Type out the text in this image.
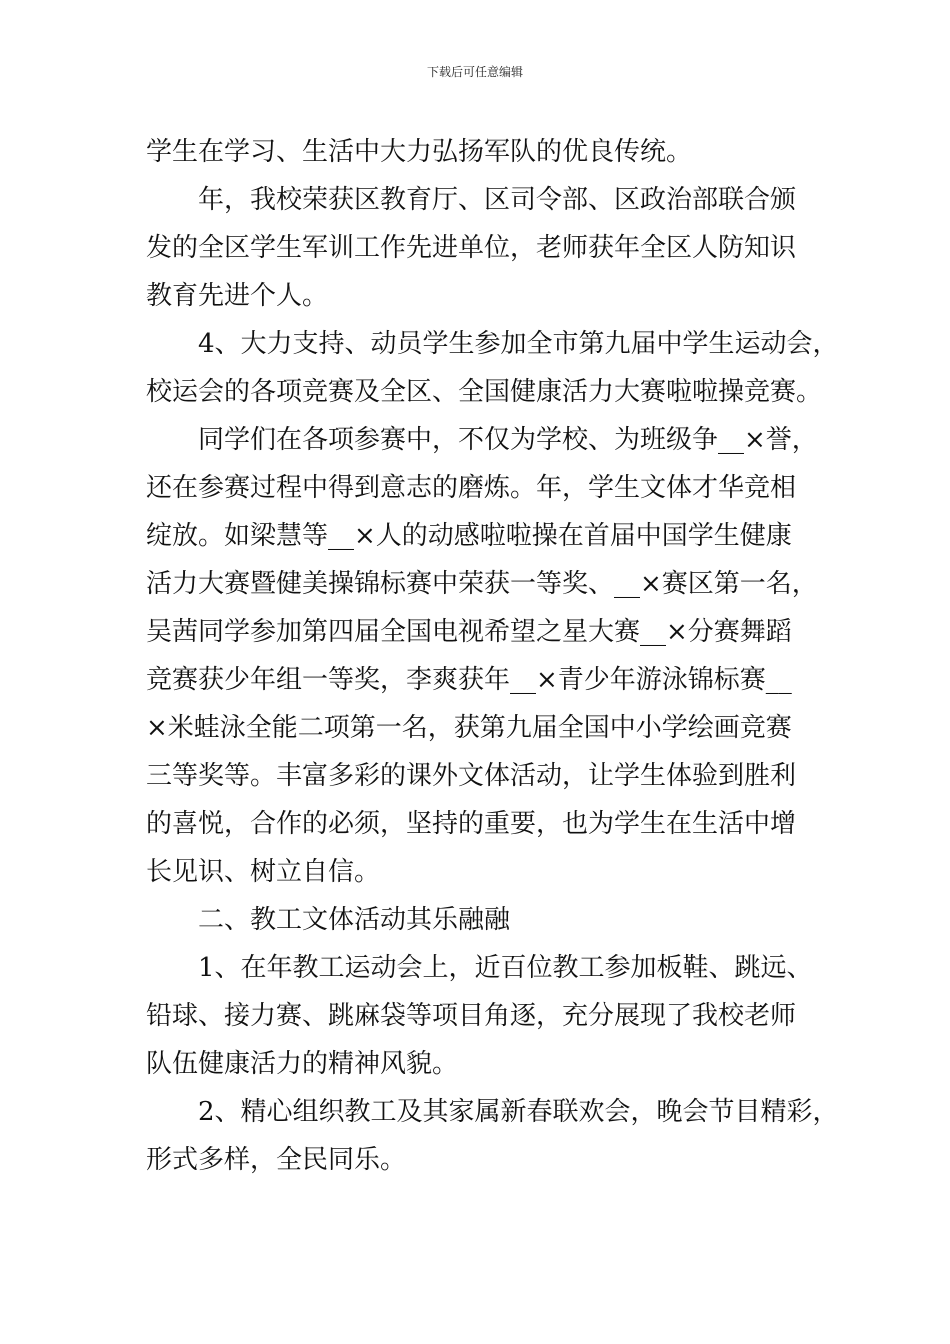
下载后可任意编辑
学生在学习、生活中大力弘扬军队的优良传统。
年，我校荣获区教育厅、区司令部、区政治部联合颁
发的全区学生军训工作先进单位，老师获年全区人防知识
教育先进个人。
4、大力支持、动员学生参加全市第九届中学生运动会，
校运会的各项竞赛及全区、全国健康活力大赛啦啦操竞赛。
同学们在各项参赛中，不仅为学校、为班级争__×誉，
还在参赛过程中得到意志的磨炼。年，学生文体才华竞相
绽放。如梁慧等__×人的动感啦啦操在首届中国学生健康
活力大赛暨健美操锦标赛中荣获一等奖、__×赛区第一名，
吴茜同学参加第四届全国电视希望之星大赛__×分赛舞蹈
竞赛获少年组一等奖，李爽获年__×青少年游泳锦标赛__
×米蛙泳全能二项第一名，获第九届全国中小学绘画竞赛
三等奖等。丰富多彩的课外文体活动，让学生体验到胜利
的喜悦，合作的必须，坚持的重要，也为学生在生活中增
长见识、树立自信。
二、教工文体活动其乐融融
1、在年教工运动会上，近百位教工参加板鞋、跳远、
铅球、接力赛、跳麻袋等项目角逐，充分展现了我校老师
队伍健康活力的精神风貌。
2、精心组织教工及其家属新春联欢会，晚会节目精彩，
形式多样，全民同乐。
